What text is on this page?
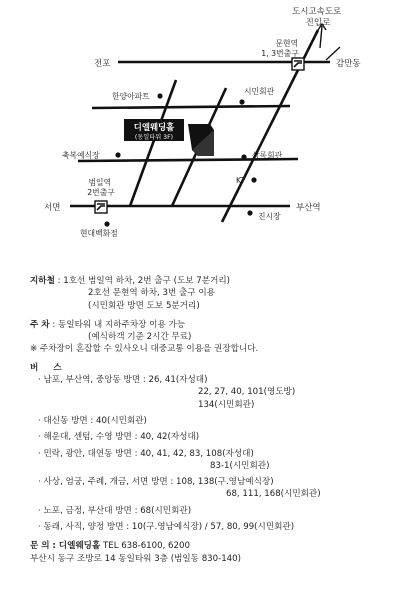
도시고속도로 진입로
문현역 1, 3번출구
전포	감만동
한양아파트
시민회관
디엘웨딩홀
(동일타워 3F)
축복예식장	상록회관
KT
범일역 2번출구
서면	부산역
현대백화점
진시장
지하철 : 1호선 범일역 하차, 2번 출구 (도보 7분거리)
2호선 문현역 하차, 3번 출구 이용
(시민회관 방면 도보 5분거리)
주 차 : 동일타워 내 지하주차장 이용 가능
(예식하객 기준 2시간 무료)
※ 주차장이 혼잡할 수 있사오니 대중교통 이용을 권장합니다.
버 스
· 남포, 부산역, 중앙동 방면 : 26, 41(자성대)
22, 27, 40, 101(영도방)
134(시민회관)
· 대신동 방면 : 40(시민회관)
· 해운대, 센텀, 수영 방면 : 40, 42(자성대)
· 민락, 광안, 대연동 방면 : 40, 41, 42, 83, 108(자성대)
83-1(시민회관)
· 사상, 엄궁, 주례, 개금, 서면 방면 : 108, 138(구.영남예식장)
68, 111, 168(시민회관)
· 노포, 금정, 부산대 방면 : 68(시민회관)
· 동래, 사직, 양정 방면 : 10(구.영남예식장) / 57, 80, 99(시민회관)
문 의 : 디엘웨딩홀 TEL 638-6100, 6200
부산시 동구 조방로 14 동일타워 3층 (범일동 830-140)
